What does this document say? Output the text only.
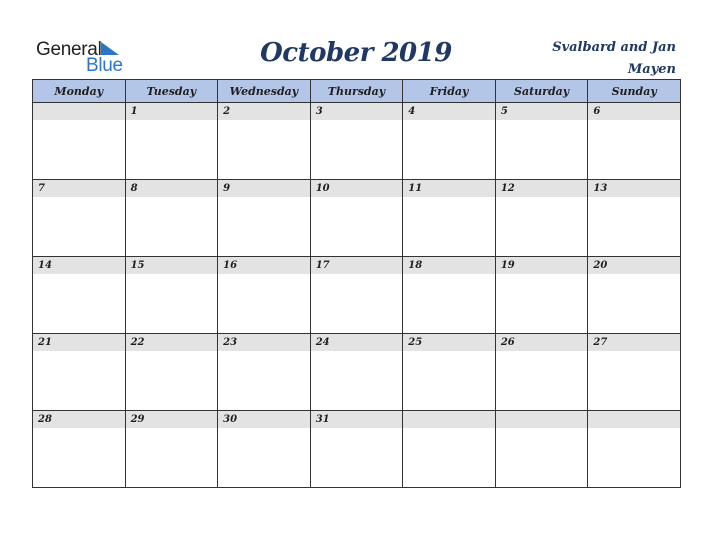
General
Blue	October 2019	Svalbard and Jan Mayen
Monday	Tuesday	Wednesday	Thursday	Friday	Saturday	Sunday

	1	2	3	4	5	6

7	8	9	10	11	12	13

14	15	16	17	18	19	20

21	22	23	24	25	26	27

28	29	30	31			
